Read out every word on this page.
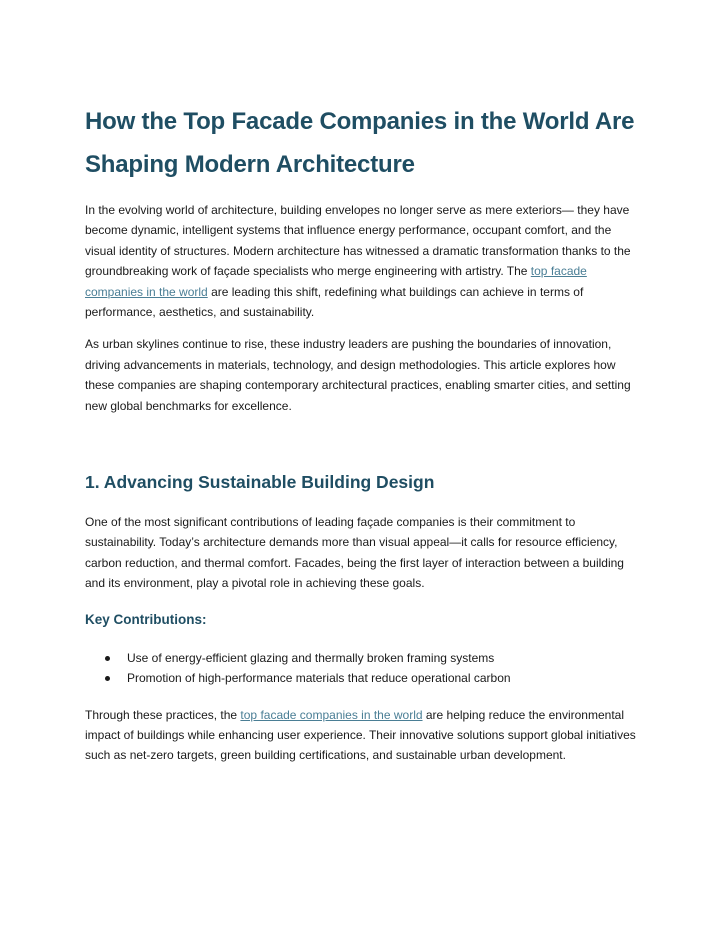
How the Top Facade Companies in the World Are Shaping Modern Architecture

In the evolving world of architecture, building envelopes no longer serve as mere exteriors— they have become dynamic, intelligent systems that influence energy performance, occupant comfort, and the visual identity of structures. Modern architecture has witnessed a dramatic transformation thanks to the groundbreaking work of façade specialists who merge engineering with artistry. The top facade companies in the world are leading this shift, redefining what buildings can achieve in terms of performance, aesthetics, and sustainability.

As urban skylines continue to rise, these industry leaders are pushing the boundaries of innovation, driving advancements in materials, technology, and design methodologies. This article explores how these companies are shaping contemporary architectural practices, enabling smarter cities, and setting new global benchmarks for excellence.

1. Advancing Sustainable Building Design

One of the most significant contributions of leading façade companies is their commitment to sustainability. Today’s architecture demands more than visual appeal—it calls for resource efficiency, carbon reduction, and thermal comfort. Facades, being the first layer of interaction between a building and its environment, play a pivotal role in achieving these goals.

Key Contributions:
Use of energy-efficient glazing and thermally broken framing systems
Promotion of high-performance materials that reduce operational carbon

Through these practices, the top facade companies in the world are helping reduce the environmental impact of buildings while enhancing user experience. Their innovative solutions support global initiatives such as net-zero targets, green building certifications, and sustainable urban development.
